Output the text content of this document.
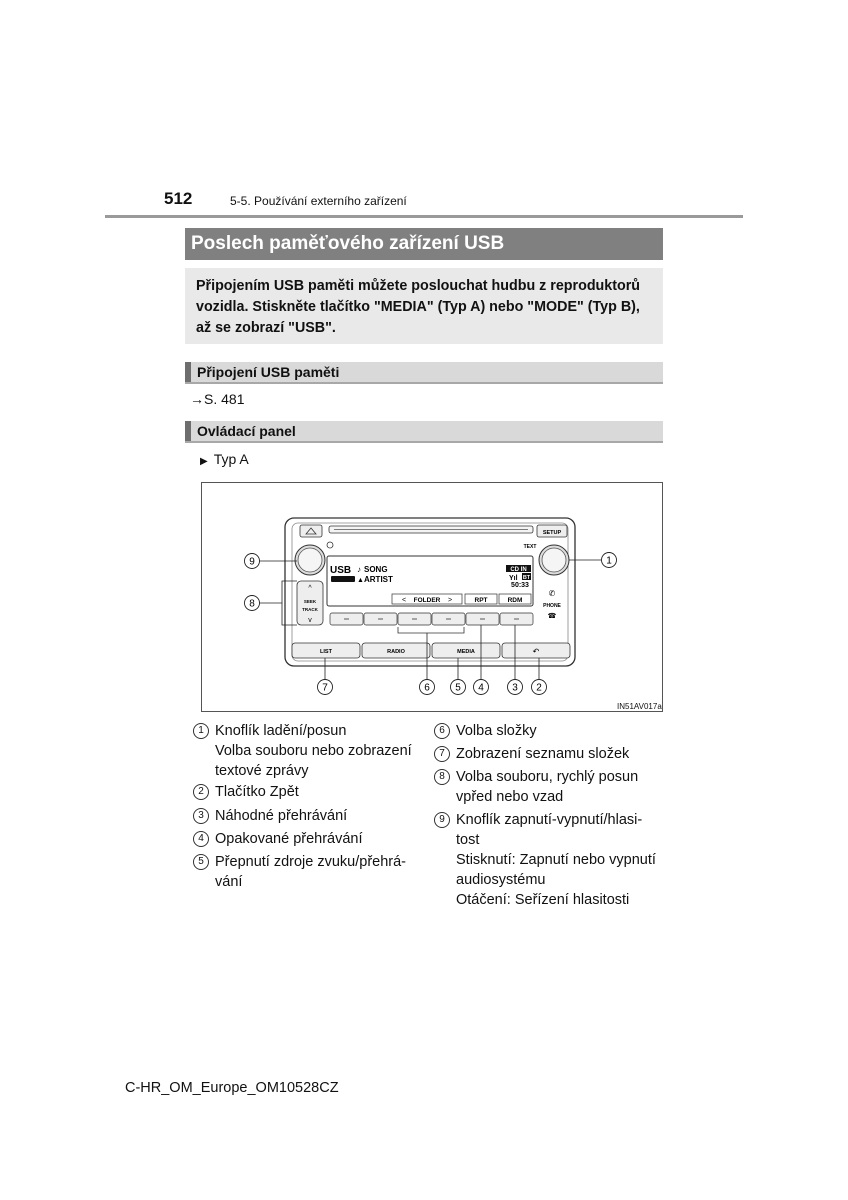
512	5-5. Používání externího zařízení
Poslech paměťového zařízení USB
Připojením USB paměti můžete poslouchat hudbu z reproduktorů
vozidla. Stiskněte tlačítko "MEDIA" (Typ A) nebo "MODE" (Typ B),
až se zobrazí "USB".
Připojení USB paměti
→S. 481
Ovládací panel
▶ Typ A
SETUP
TEXT
USB SONG
♪
ARTIST
▲
CD IN
BT
Yıl
50:33
FOLDER
<	>	RPT	RDM
^
SEEK
TRACK
v
✆
PHONE
☎
LIST	RADIO	MEDIA	↶
9
8
1
7	6	5 4	3 2
IN51AV017a
1 Knoflík ladění/posun
Volba souboru nebo zobrazení
textové zprávy
2 Tlačítko Zpět
3 Náhodné přehrávání
4 Opakované přehrávání
5 Přepnutí zdroje zvuku/přehrá-
vání
6 Volba složky
7 Zobrazení seznamu složek
8 Volba souboru, rychlý posun
vpřed nebo vzad
9 Knoflík zapnutí-vypnutí/hlasi-
tost
Stisknutí: Zapnutí nebo vypnutí
audiosystému
Otáčení: Seřízení hlasitosti
C-HR_OM_Europe_OM10528CZ
